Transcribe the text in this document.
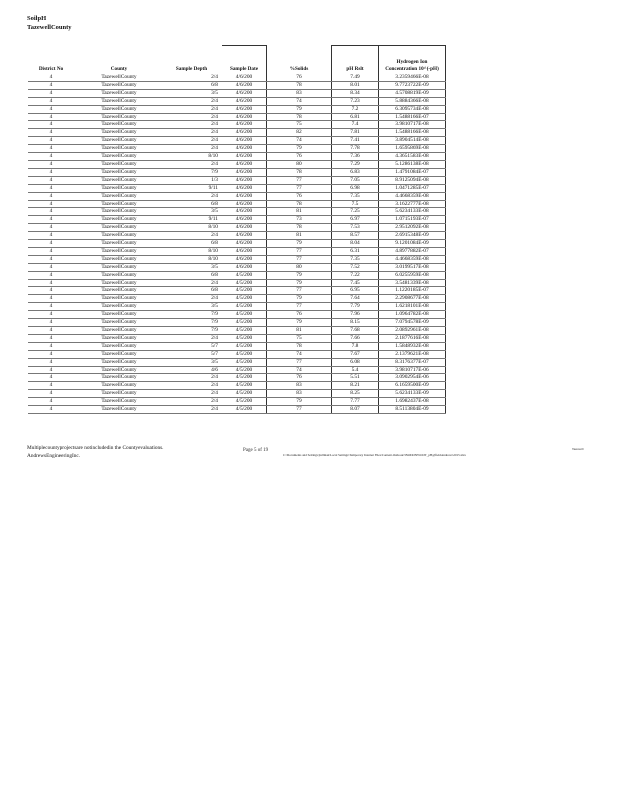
SoilpH
TazewellCounty
District No	County	Sample Depth	Sample Date	%Solids	pH Rslt	Hydrogen Ion Concentration 10^(-pH)
4	TazewellCounty	2/4	4/6/200	76	7.49	3.2359466E-08
4	TazewellCounty	6/8	4/6/200	78	8.01	9.7723722E-09
4	TazewellCounty	3/5	4/6/200	83	8.34	4.5708819E-09
4	TazewellCounty	2/4	4/6/200	74	7.23	5.8884366E-08
4	TazewellCounty	2/4	4/6/200	79	7.2	6.3095734E-08
4	TazewellCounty	2/4	4/6/200	78	6.81	1.5488166E-07
4	TazewellCounty	2/4	4/6/200	75	7.4	3.9810717E-08
4	TazewellCounty	2/4	4/6/200	82	7.81	1.5488166E-08
4	TazewellCounty	2/4	4/6/200	74	7.41	3.8904514E-08
4	TazewellCounty	2/4	4/6/200	79	7.78	1.6595869E-08
4	TazewellCounty	8/10	4/6/200	76	7.36	4.3651583E-08
4	TazewellCounty	2/4	4/6/200	80	7.29	5.1286138E-08
4	TazewellCounty	7/9	4/6/200	78	6.83	1.4791084E-07
4	TazewellCounty	1/3	4/6/200	77	7.05	8.9125094E-08
4	TazewellCounty	9/11	4/6/200	77	6.98	1.0471285E-07
4	TazewellCounty	2/4	4/6/200	76	7.35	4.4668359E-08
4	TazewellCounty	6/8	4/6/200	78	7.5	3.1622777E-08
4	TazewellCounty	3/5	4/6/200	81	7.25	5.6234133E-08
4	TazewellCounty	9/11	4/6/200	73	6.97	1.0715193E-07
4	TazewellCounty	8/10	4/6/200	78	7.53	2.9512092E-08
4	TazewellCounty	2/4	4/6/200	81	8.57	2.6915348E-09
4	TazewellCounty	6/8	4/6/200	79	8.04	9.1201084E-09
4	TazewellCounty	8/10	4/6/200	77	6.31	4.8977882E-07
4	TazewellCounty	8/10	4/6/200	77	7.35	4.4668359E-08
4	TazewellCounty	3/5	4/6/200	80	7.52	3.0199517E-08
4	TazewellCounty	6/8	4/5/200	79	7.22	6.0255959E-08
4	TazewellCounty	2/4	4/5/200	79	7.45	3.5481339E-08
4	TazewellCounty	6/8	4/5/200	77	6.95	1.1220185E-07
4	TazewellCounty	2/4	4/5/200	79	7.64	2.2908677E-08
4	TazewellCounty	3/5	4/5/200	77	7.79	1.6218101E-08
4	TazewellCounty	7/9	4/5/200	76	7.96	1.0964782E-08
4	TazewellCounty	7/9	4/5/200	79	8.15	7.0794578E-09
4	TazewellCounty	7/9	4/5/200	81	7.68	2.0892961E-08
4	TazewellCounty	2/4	4/5/200	75	7.66	2.1877616E-08
4	TazewellCounty	5/7	4/5/200	78	7.8	1.5848932E-08
4	TazewellCounty	5/7	4/5/200	74	7.67	2.1379621E-08
4	TazewellCounty	3/5	4/5/200	77	6.08	8.3176377E-07
4	TazewellCounty	4/6	4/5/200	74	5.4	3.9810717E-06
4	TazewellCounty	2/4	4/5/200	76	5.51	3.0902954E-06
4	TazewellCounty	2/4	4/5/200	83	8.21	6.1659500E-09
4	TazewellCounty	2/4	4/5/200	83	8.25	5.6234133E-09
4	TazewellCounty	2/4	4/5/200	79	7.77	1.6982437E-08
4	TazewellCounty	2/4	4/5/200	77	8.07	8.5113804E-09
Multiplecountyprojectsare notincludedin the Countyevaluations.
AndrewsEngineeringInc.
Tazewell
C:\Documents and Settings\jtallman\Local Settings\Temporary Internet Files\Content.Outlook\3NODONWOOT_pH@fieldAndrews\2015.xlsx
Page 5 of 19
